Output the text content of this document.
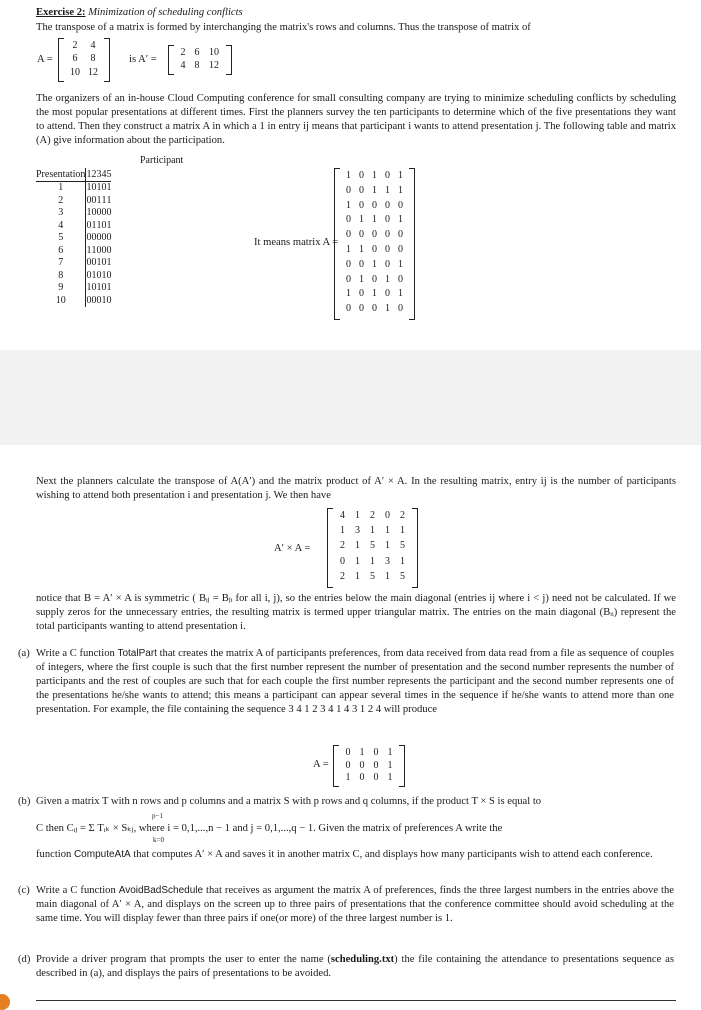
Exercise 2: Minimization of scheduling conflicts
The transpose of a matrix is formed by interchanging the matrix's rows and columns. Thus the transpose of matrix of
A =
2	4
6	8
10 12
is A′ =
2 6 10
4 8 12
The organizers of an in-house Cloud Computing conference for small consulting company are trying to minimize scheduling conflicts by scheduling the most popular presentations at different times. First the planners survey the ten participants to determine which of the five presentations they want to attend. Then they construct a matrix A in which a 1 in entry ij means that participant i wants to attend presentation j. The following table and matrix (A) give information about the participation.
Participant
Presentation	1	2	3	4	5
1	1	0	1	0	1
2	0	0	1	1	1
3	1	0	0	0	0
4	0	1	1	0	1
5	0	0	0	0	0
6	1	1	0	0	0
7	0	0	1	0	1
8	0	1	0	1	0
9	1	0	1	0	1
10	0	0	0	1	0
It means matrix A =
1 0 1 0 1
0 0 1 1 1
1 0 0 0 0
0 1 1 0 1
0 0 0 0 0
1 1 0 0 0
0 0 1 0 1
0 1 0 1 0
1 0 1 0 1
0 0 0 1 0
Next the planners calculate the transpose of A(A′) and the matrix product of A′ × A. In the resulting matrix, entry ij is the number of participants wishing to attend both presentation i and presentation j. We then have
A′ × A =
4	1	2	0	2
1	3	1	1	1
2	1	5	1	5
0	1	1	3	1
2	1	5	1	5
notice that B = A′ × A is symmetric ( Bᵢⱼ = Bⱼᵢ for all i, j), so the entries below the main diagonal (entries ij where i < j) need not be calculated. If we supply zeros for the unnecessary entries, the resulting matrix is termed upper triangular matrix. The entries on the main diagonal (Bᵢᵢ) represent the total participants wanting to attend presentation i.
(a) Write a C function TotalPart that creates the matrix A of participants preferences, from data received from data read from a file as sequence of couples of integers, where the first couple is such that the first number represent the number of presentation and the second number represents the number of participants and the rest of couples are such that for each couple the first number represents the participant and the second number represents one of the presentations he/she wants to attend; this means a participant can appear several times in the sequence if he/she wants to attend more than one presentation. For example, the file containing the sequence 3 4 1 2 3 4 1 4 3 1 2 4 will produce
A =
0 1 0 1
0 0 0 1
1 0 0 1
(b) Given a matrix T with n rows and p columns and a matrix S with p rows and q columns, if the product T × S is equal to
p−1
C then Cᵢⱼ = Σ Tᵢₖ × Sₖⱼ, where i = 0,1,...,n − 1 and j = 0,1,...,q − 1. Given the matrix of preferences A write the
k=0
function ComputeAtA that computes A′ × A and saves it in another matrix C, and displays how many participants wish to attend each conference.
(c) Write a C function AvoidBadSchedule that receives as argument the matrix A of preferences, finds the three largest numbers in the entries above the main diagonal of A′ × A, and displays on the screen up to three pairs of presentations that the conference committee should avoid scheduling at the same time. You will display fewer than three pairs if one(or more) of the three largest number is 1.
(d) Provide a driver program that prompts the user to enter the name (scheduling.txt) the file containing the attendance to presentations sequence as described in (a), and displays the pairs of presentations to be avoided.
